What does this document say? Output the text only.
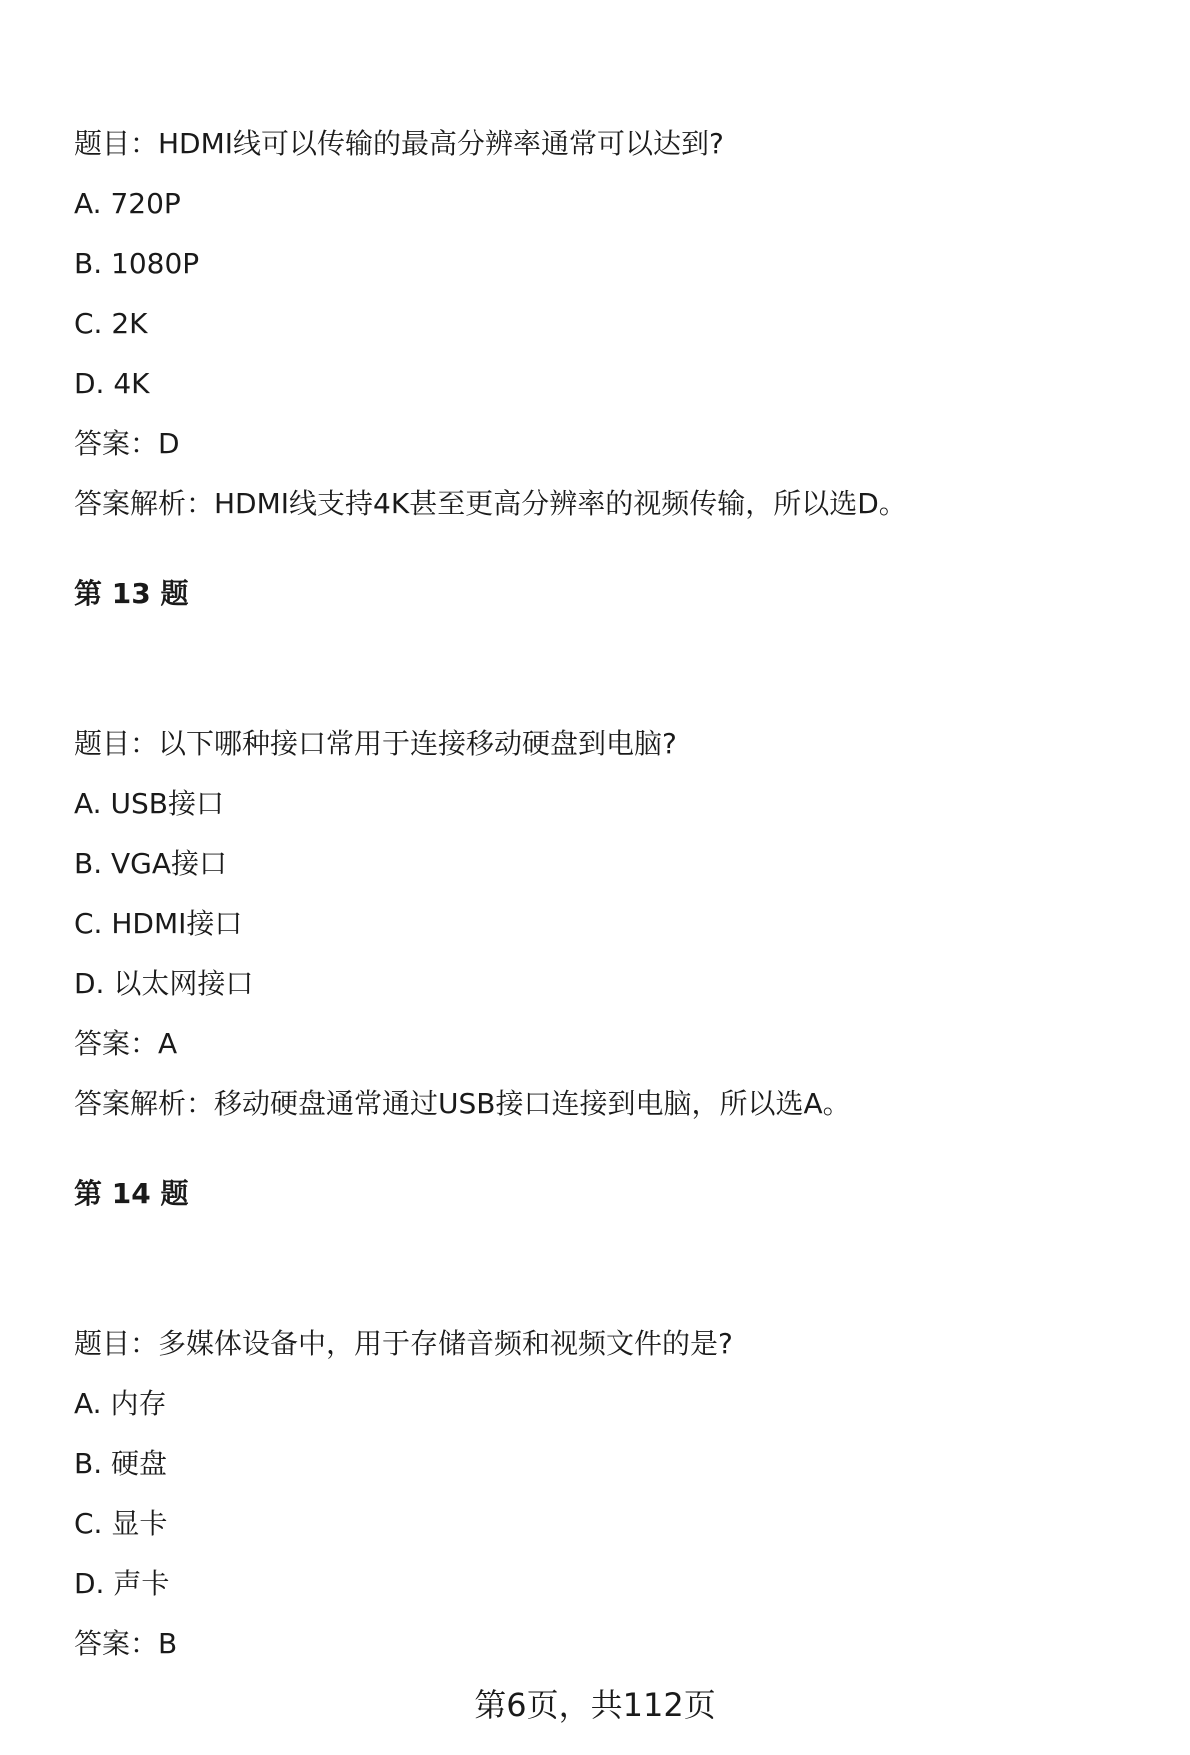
题目：HDMI线可以传输的最高分辨率通常可以达到?
A. 720P
B. 1080P
C. 2K
D. 4K
答案：D
答案解析：HDMI线支持4K甚至更高分辨率的视频传输，所以选D。
第 13 题
题目：以下哪种接口常用于连接移动硬盘到电脑?
A. USB接口
B. VGA接口
C. HDMI接口
D. 以太网接口
答案：A
答案解析：移动硬盘通常通过USB接口连接到电脑，所以选A。
第 14 题
题目：多媒体设备中，用于存储音频和视频文件的是?
A. 内存
B. 硬盘
C. 显卡
D. 声卡
答案：B
第6页，共112页
